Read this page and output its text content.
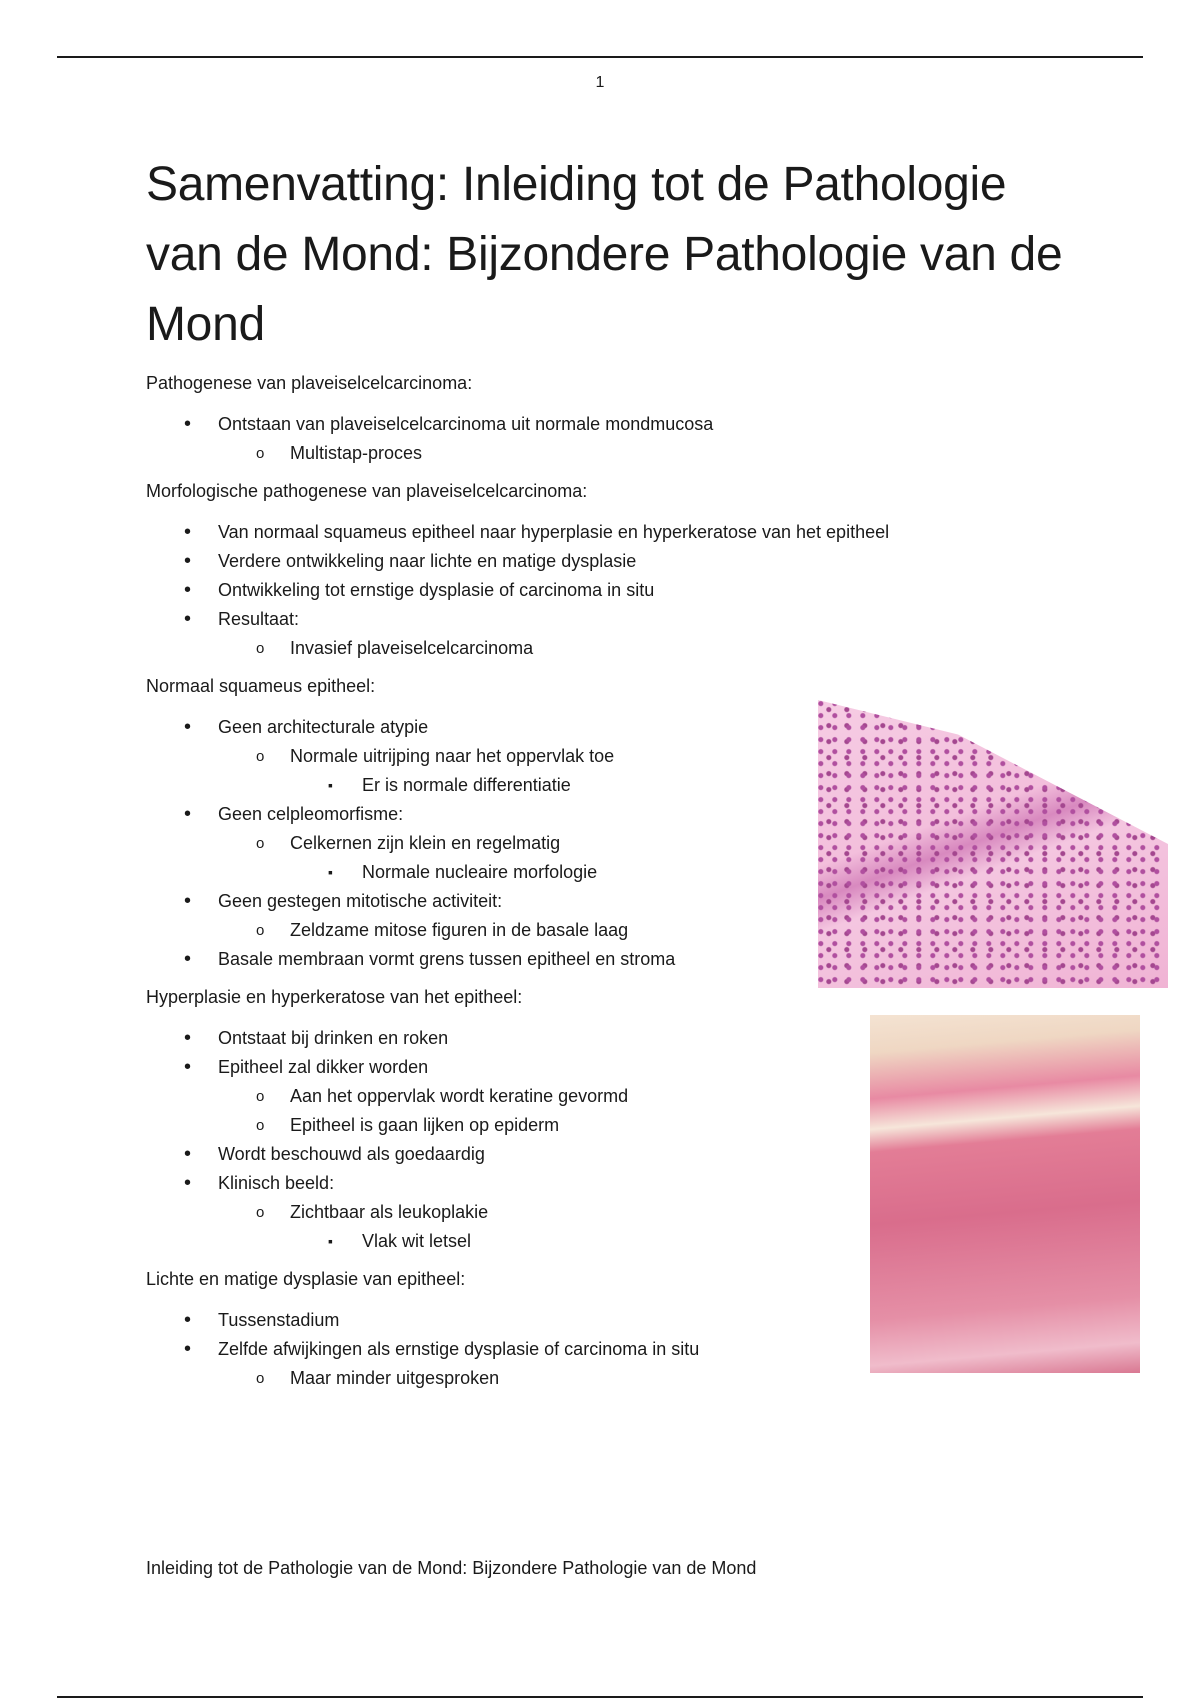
1
Samenvatting: Inleiding tot de Pathologie van de Mond: Bijzondere Pathologie van de Mond
Pathogenese van plaveiselcelcarcinoma:
• Ontstaan van plaveiselcelcarcinoma uit normale mondmucosa
o Multistap-proces
Morfologische pathogenese van plaveiselcelcarcinoma:
• Van normaal squameus epitheel naar hyperplasie en hyperkeratose van het epitheel
• Verdere ontwikkeling naar lichte en matige dysplasie
• Ontwikkeling tot ernstige dysplasie of carcinoma in situ
• Resultaat:
o Invasief plaveiselcelcarcinoma
Normaal squameus epitheel:
• Geen architecturale atypie
o Normale uitrijping naar het oppervlak toe
▪ Er is normale differentiatie
• Geen celpleomorfisme:
o Celkernen zijn klein en regelmatig
▪ Normale nucleaire morfologie
• Geen gestegen mitotische activiteit:
o Zeldzame mitose figuren in de basale laag
• Basale membraan vormt grens tussen epitheel en stroma
Hyperplasie en hyperkeratose van het epitheel:
• Ontstaat bij drinken en roken
• Epitheel zal dikker worden
o Aan het oppervlak wordt keratine gevormd
o Epitheel is gaan lijken op epiderm
• Wordt beschouwd als goedaardig
• Klinisch beeld:
o Zichtbaar als leukoplakie
▪ Vlak wit letsel
Lichte en matige dysplasie van epitheel:
• Tussenstadium
• Zelfde afwijkingen als ernstige dysplasie of carcinoma in situ
o Maar minder uitgesproken
Inleiding tot de Pathologie van de Mond: Bijzondere Pathologie van de Mond
